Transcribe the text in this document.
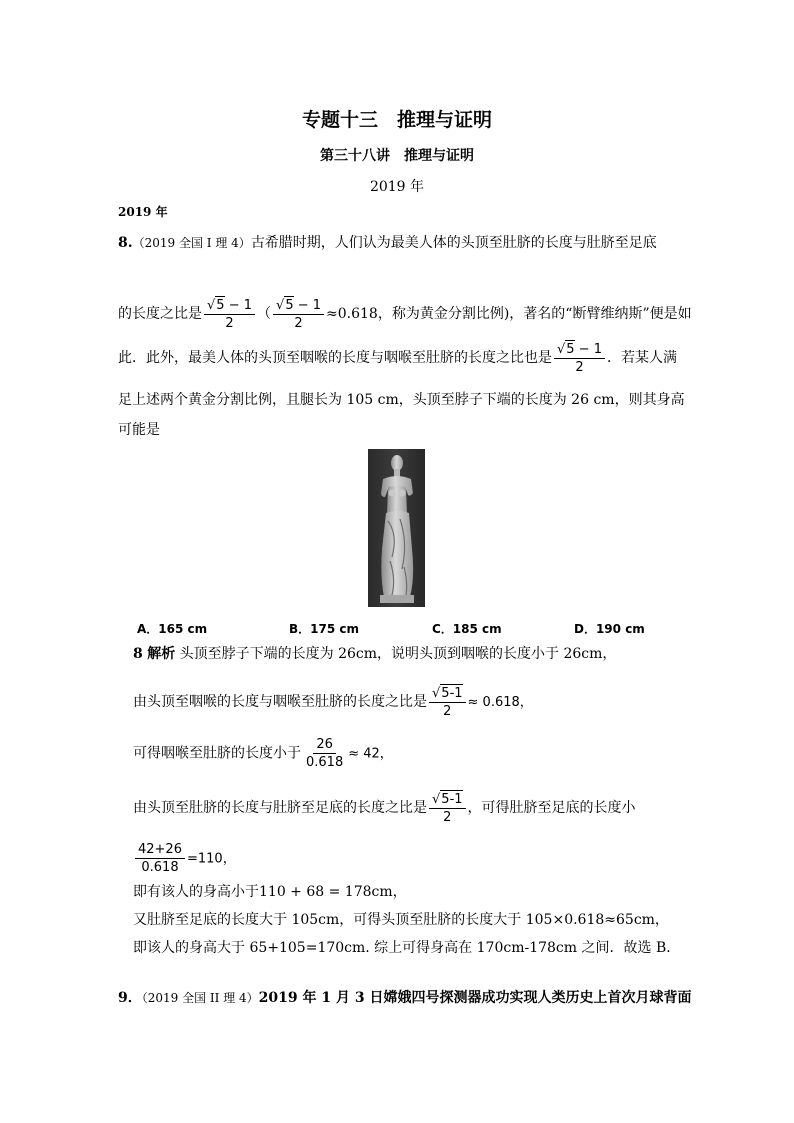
专题十三　推理与证明
第三十八讲　推理与证明
2019 年
2019 年
8.（2019 全国 I 理 4）古希腊时期，人们认为最美人体的头顶至肚脐的长度与肚脐至足底
的长度之比是 $\frac{√5 - 1}{2}$ （ $\frac{√5 - 1}{2} \approx 0.618$，称为黄金分割比例)，著名的“断臂维纳斯”便是如
此．此外，最美人体的头顶至咽喉的长度与咽喉至肚脐的长度之比也是 $\frac{√5 - 1}{2}$ ．若某人满
足上述两个黄金分割比例，且腿长为 105 cm，头顶至脖子下端的长度为 26 cm，则其身高
可能是
A．165 cm	B．175 cm	C．185 cm	D．190 cm
8 解析 头顶至脖子下端的长度为 26cm，说明头顶到咽喉的长度小于 26cm，
由头顶至咽喉的长度与咽喉至肚脐的长度之比是 $\frac{√5-1}{2} \approx 0.618$，
可得咽喉至肚脐的长度小于 $\frac{26}{0.618} \approx 42$，
由头顶至肚脐的长度与肚脐至足底的长度之比是 $\frac{√5-1}{2}$ ，可得肚脐至足底的长度小
$\frac{42+26}{0.618} =110$，
即有该人的身高小于110 + 68 = 178cm，
又肚脐至足底的长度大于 105cm，可得头顶至肚脐的长度大于 105×0.618≈65cm，
即该人的身高大于 65+105=170cm. 综上可得身高在 170cm-178cm 之间．故选 B．
9．（2019 全国 II 理 4）2019 年 1 月 3 日嫦娥四号探测器成功实现人类历史上首次月球背面
